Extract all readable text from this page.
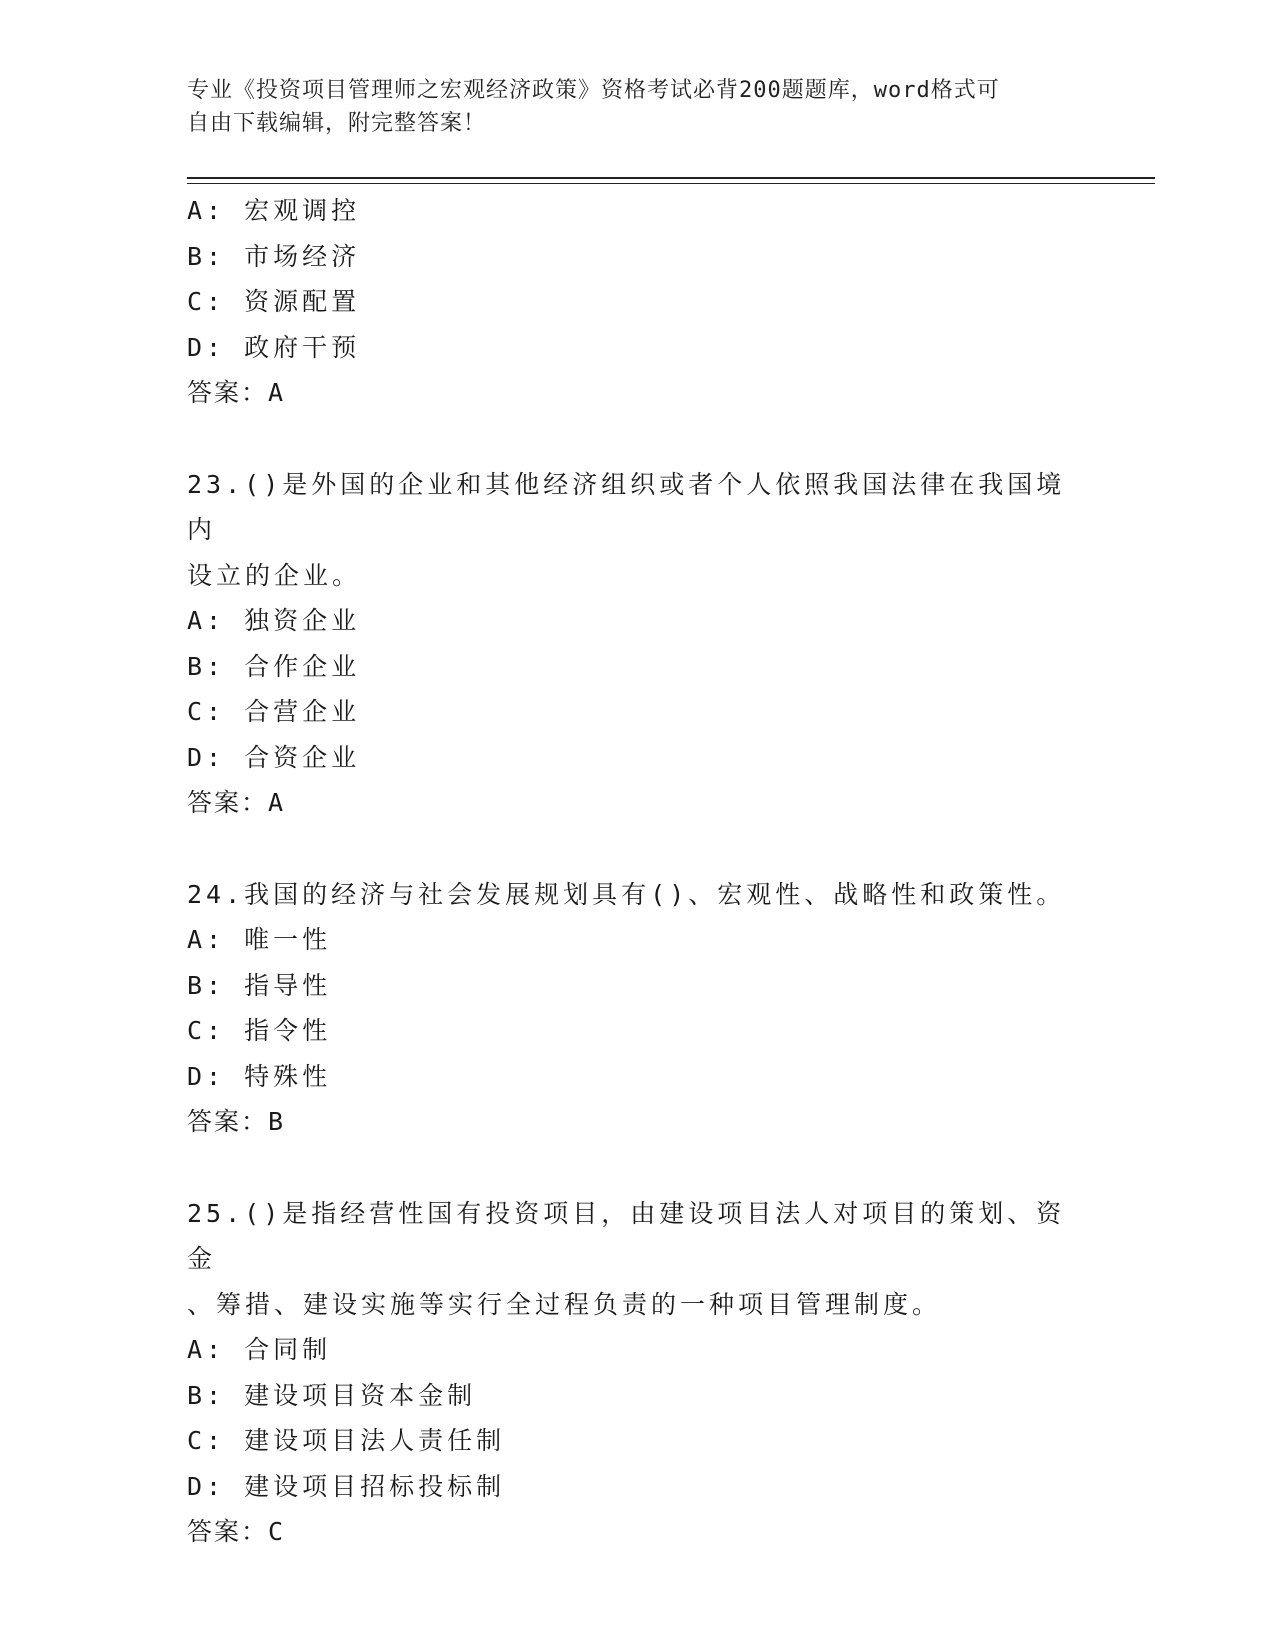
专业《投资项目管理师之宏观经济政策》资格考试必背200题题库，word格式可
自由下载编辑，附完整答案！
A: 宏观调控
B: 市场经济
C: 资源配置
D: 政府干预
答案：A
23.()是外国的企业和其他经济组织或者个人依照我国法律在我国境内
设立的企业。
A: 独资企业
B: 合作企业
C: 合营企业
D: 合资企业
答案：A
24.我国的经济与社会发展规划具有()、宏观性、战略性和政策性。
A: 唯一性
B: 指导性
C: 指令性
D: 特殊性
答案：B
25.()是指经营性国有投资项目，由建设项目法人对项目的策划、资金
、筹措、建设实施等实行全过程负责的一种项目管理制度。
A: 合同制
B: 建设项目资本金制
C: 建设项目法人责任制
D: 建设项目招标投标制
答案：C
